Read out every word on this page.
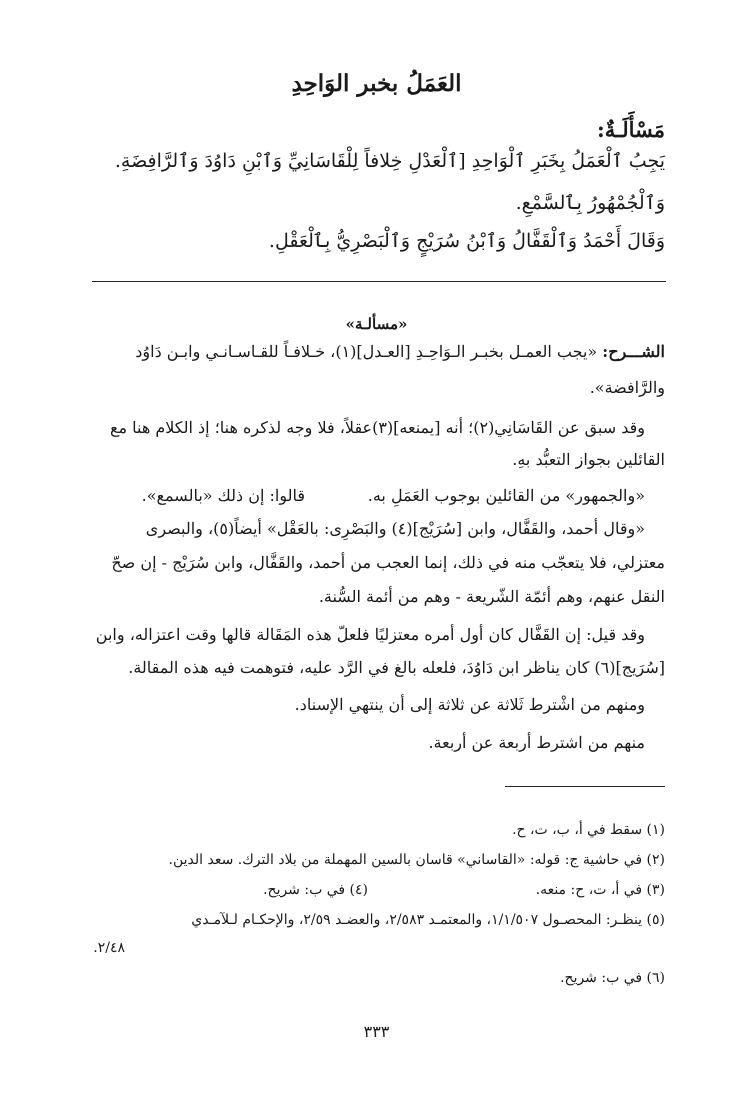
العَمَلُ بخبر الوَاحِدِ
مَسْأَلَـةٌ:
يَجِبُ ٱلْعَمَلُ بِخَبَرِ ٱلْوَاحِدِ [ٱلْعَدْلِ خِلافاً لِلْقَاسَانِيِّ وَٱبْنِ دَاوُدَ وَٱلرَّافِضَةِ.
وَٱلْجُمْهُورُ بِٱلسَّمْعِ.
وَقَالَ أَحْمَدُ وَٱلْقَفَّالُ وَٱبْنُ سُرَيْجٍ وَٱلْبَصْرِيُّ بِٱلْعَقْلِ.
«مسألـة»
الشـــرح: «يجب العمـل بخبـر الـوَاحِـدِ [العـدل](١)، خـلافـاً للقـاسـانـي وابـن دَاوُد
والرَّافضة».
وقد سبق عن القَاسَانِي(٢)؛ أنه [يمنعه](٣)عقلاً، فلا وجه لذكره هنا؛ إذ الكلام هنا مع
القائلين بجواز التعبُّد بهِ.
«والجمهور» من القائلين بوجوب العَمَلِ به.
قالوا: إن ذلك «بالسمع».
«وقال أحمد، والقَفَّال، وابن [سُرَيْج](٤) والبَصْرِى: بالعَقْل» أيضاً(٥)، والبصرى
معتزلي، فلا يتعجّب منه في ذلك، إنما العجب من أحمد، والقَفَّال، وابن سُرَيْج - إن صحّ
النقل عنهم، وهم أئمّة الشّريعة - وهم من أئمة السُّنة.
وقد قيل: إن القَفَّال كان أول أمره معتزليًا فلعلّ هذه المَقَالة قالها وقت اعتزاله، وابن
[سُرَيج](٦) كان يناظر ابن دَاوُدَ، فلعله بالغ في الرَّد عليه، فتوهمت فيه هذه المقالة.
ومنهم من اشْترط ثَلاثة عن ثلاثة إلى أن ينتهي الإسناد.
منهم من اشترط أربعة عن أربعة.
(١) سقط في أ، ب، ت، ح.
(٢) في حاشية ج: قوله: «القاساني» قاسان بالسين المهملة من بلاد الترك. سعد الدين.
(٣) في أ، ت، ح: منعه.
(٤) في ب: شريح.
(٥) ينظـر: المحصـول ١/١/٥٠٧، والمعتمـد ٢/٥٨٣، والعضـد ٢/٥٩، والإحكـام لـلآمـدي
٢/٤٨.
(٦) في ب: شريح.
٣٣٣
